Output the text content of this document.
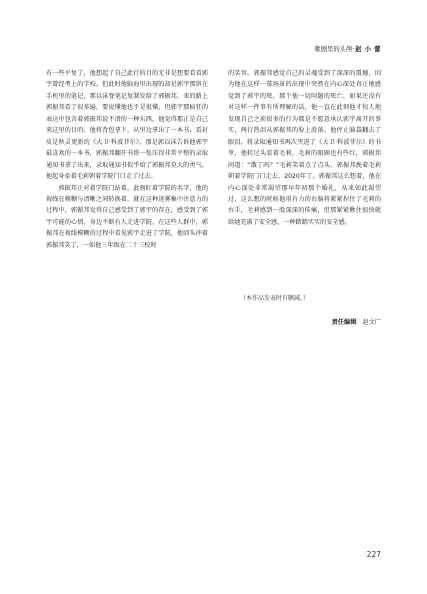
歌剧里的头颅·赵 小 蕾

有一些平复了，他想起了自己此行的目的无非是想要看看郭宇曾经考上的学校。但此时他脑海里出现的却是郭宇那留在手机里的笔记，那以沫脊笔记复制发给了郭振邦，来的路上郭振邦看了很多遍，要说懂他也不是很懂，但郭宇那疯狂的表达中包含着郭振邦说不清的一种东西，他觉得那正是自己来这里的目的。他将背包拿下，从里边拿出了一本书，看封皮是秋灵更新的《大卫·科波菲尔》，那是郭以沫告诉他郭宇最喜欢的一本书，郭振邦翻开书将一张压得非常平整的录取通知书拿了出来，录取通知书似乎给了郭振邦莫大的勇气，他起身牵着毛莉朝着学院门口走了过去。

郭振邦正对着学院门站着，此刻盯着学院的名字，他的视线在模糊与清晰之间转换着，就在这种迷雾集中注意力的过程中，郭振邦觉得自己感受到了郭宇的存在，感受到了郭宇可能的心情，身边不断有人走进学院，在这些人群中，郭振邦在视线模糊的过程中看见郭宇走进了学院，他回头冲着郭振邦笑了，一如他三年级在二十三校时

的笑容。郭振邦感觉自己的灵魂受到了深深的震撼，因为他在这样一幕场景的出现中突然在内心深处真正地感觉到了郭宇的死，那个他一切问题的死亡，如果还没有对这样一件事有所理解的话，他一直在此刻他才惊人地发现自己之前很多的行为都是不愿意承认郭宇离开的事实，两行热泪从郭振邦的脸上滑落。他停止脑袋翻去了眼泪，将录取通知书再次夹进了《大卫·科波菲尔》的书里，他转过头看着毛莉，毛莉的眼圈也有些红，郭振邦问道：“饿了吗？”毛莉笑着点了点头，郭振邦挽着毛莉朝着学院门口走去，2020年了，郭振邦这么想着，他在内心深处非常渴望那早年初那个婚礼，从来如此渴望过，这么想的时候他用有力的右脑将紧紧捏住了毛莉的右手，毛莉感到一股深深的传痛，但那紧紧揪住很快就给她充满了安全感，一种踏踏实实的安全感。

（本作品发表时有删减。）
责任编辑 赵文广
227
